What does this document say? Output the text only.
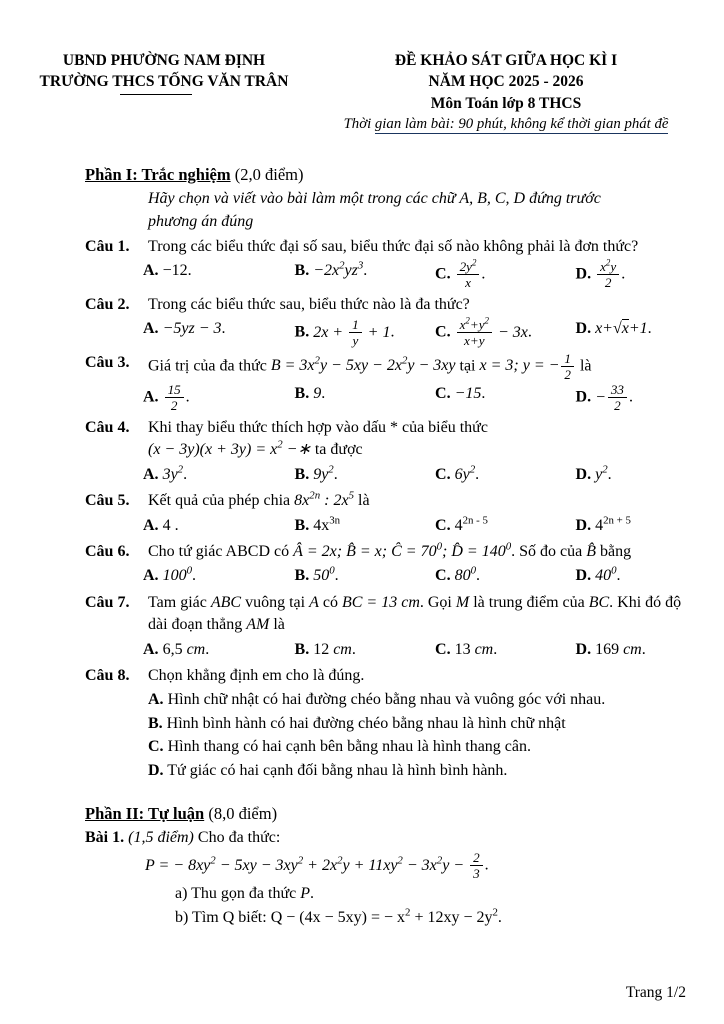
UBND PHƯỜNG NAM ĐỊNH
TRƯỜNG THCS TỐNG VĂN TRÂN
ĐỀ KHẢO SÁT GIỮA HỌC KÌ I
NĂM HỌC 2025 - 2026
Môn Toán lớp 8 THCS
Thời gian làm bài: 90 phút, không kể thời gian phát đề
Phần I: Trắc nghiệm (2,0 điểm)
Hãy chọn và viết vào bài làm một trong các chữ A, B, C, D đứng trước phương án đúng
Câu 1.	Trong các biểu thức đại số sau, biểu thức đại số nào không phải là đơn thức?
A. −12.	B. $-2x^2yz^3$.	C. $\frac{2y^2}{x}$ .	D. $\frac{x^2y}{2}$ .
Câu 2.	Trong các biểu thức sau, biểu thức nào là đa thức?
A. −5yz − 3.	B. $2x + \frac{1}{y} + 1$.	C. $\frac{x^2+y^2}{x+y} - 3x$.	D. x+√x+1.
Câu 3.	Giá trị của đa thức $B = 3x^2y - 5xy - 2x^2y - 3xy$ tại x = 3; y = − $\frac{1}{2}$ là
A. $\frac{15}{2}$ .	B. 9.	C. −15.	D. − $\frac{33}{2}$ .
Câu 4.	Khi thay biểu thức thích hợp vào dấu * của biểu thức
$(x - 3y)(x + 3y) = x^2$ −∗ ta được
A. $3y^2$.	B. $9y^2$.	C. $6y^2$.	D. $y^2$.
Câu 5.	Kết quả của phép chia $8x^{2n}$ : $2x^5$ là
A. 4 .	B. $4x^{3n}$	C. $4^{2n - 5}$	D. $4^{2n + 5}$
Câu 6.	Cho tứ giác ABCD có Â = 2x; B̂ = x; Ĉ = $70^0$; D̂ = $140^0$. Số đo của B̂ bằng
A. $100^0$.	B. $50^0$.	C. $80^0$.	D. $40^0$.
Câu 7.	Tam giác ABC vuông tại A có BC = 13 cm. Gọi M là trung điểm của BC. Khi đó độ dài đoạn thẳng AM là
A. 6,5 cm.	B. 12 cm.	C. 13 cm.	D. 169 cm.
Câu 8.	Chọn khẳng định em cho là đúng.
A. Hình chữ nhật có hai đường chéo bằng nhau và vuông góc với nhau.
B. Hình bình hành có hai đường chéo bằng nhau là hình chữ nhật
C. Hình thang có hai cạnh bên bằng nhau là hình thang cân.
D. Tứ giác có hai cạnh đối bằng nhau là hình bình hành.
Phần II: Tự luận (8,0 điểm)
Bài 1. (1,5 điểm) Cho đa thức:
P = − $8xy^2 - 5xy - 3xy^2 + 2x^2y + 11xy^2 - 3x^2y - \frac{2}{3}$ .
a) Thu gọn đa thức P.
b) Tìm Q biết: Q − (4x − 5xy) = − $x^2 + 12xy - 2y^2$.
Trang 1/2
